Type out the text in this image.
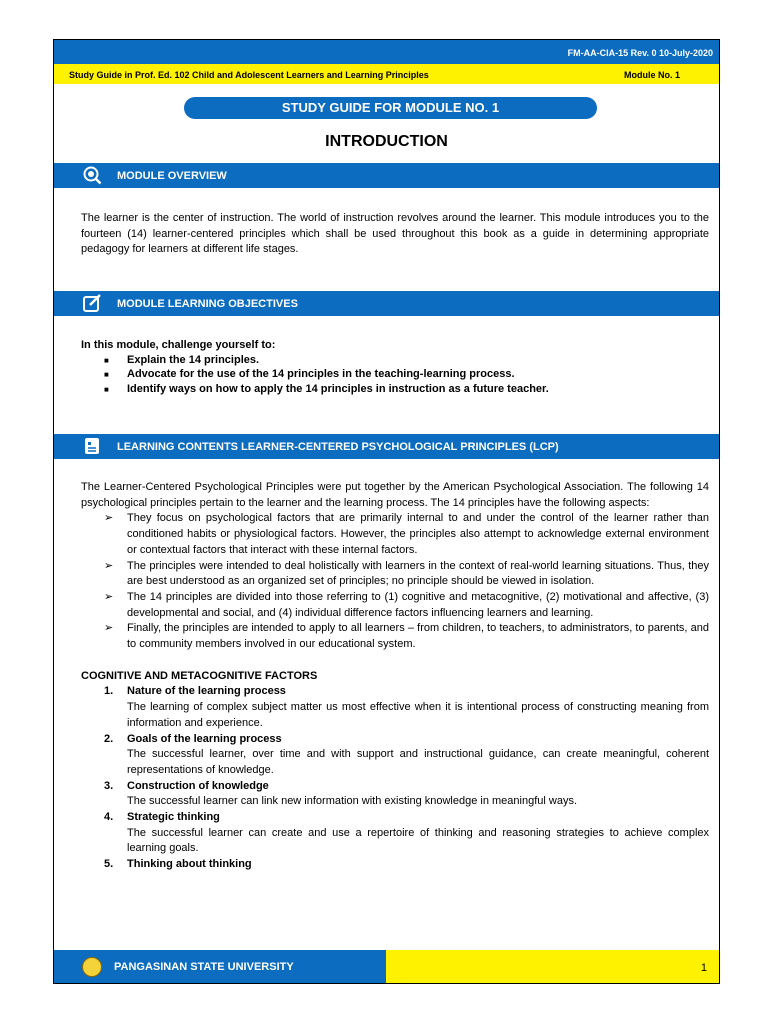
FM-AA-CIA-15 Rev. 0 10-July-2020
Study Guide in Prof. Ed. 102 Child and Adolescent Learners and Learning Principles	Module No. 1
STUDY GUIDE FOR MODULE NO. 1
INTRODUCTION
MODULE OVERVIEW
The learner is the center of instruction. The world of instruction revolves around the learner. This module introduces you to the fourteen (14) learner-centered principles which shall be used throughout this book as a guide in determining appropriate pedagogy for learners at different life stages.
MODULE LEARNING OBJECTIVES
In this module, challenge yourself to:
■ Explain the 14 principles.
■ Advocate for the use of the 14 principles in the teaching-learning process.
■ Identify ways on how to apply the 14 principles in instruction as a future teacher.
LEARNING CONTENTS LEARNER-CENTERED PSYCHOLOGICAL PRINCIPLES (LCP)
The Learner-Centered Psychological Principles were put together by the American Psychological Association. The following 14 psychological principles pertain to the learner and the learning process. The 14 principles have the following aspects:
➢ They focus on psychological factors that are primarily internal to and under the control of the learner rather than conditioned habits or physiological factors. However, the principles also attempt to acknowledge external environment or contextual factors that interact with these internal factors.
➢ The principles were intended to deal holistically with learners in the context of real-world learning situations. Thus, they are best understood as an organized set of principles; no principle should be viewed in isolation.
➢ The 14 principles are divided into those referring to (1) cognitive and metacognitive, (2) motivational and affective, (3) developmental and social, and (4) individual difference factors influencing learners and learning.
➢ Finally, the principles are intended to apply to all learners – from children, to teachers, to administrators, to parents, and to community members involved in our educational system.
COGNITIVE AND METACOGNITIVE FACTORS
1. Nature of the learning process
The learning of complex subject matter us most effective when it is intentional process of constructing meaning from information and experience.
2. Goals of the learning process
The successful learner, over time and with support and instructional guidance, can create meaningful, coherent representations of knowledge.
3. Construction of knowledge
The successful learner can link new information with existing knowledge in meaningful ways.
4. Strategic thinking
The successful learner can create and use a repertoire of thinking and reasoning strategies to achieve complex learning goals.
5. Thinking about thinking
PANGASINAN STATE UNIVERSITY	1
